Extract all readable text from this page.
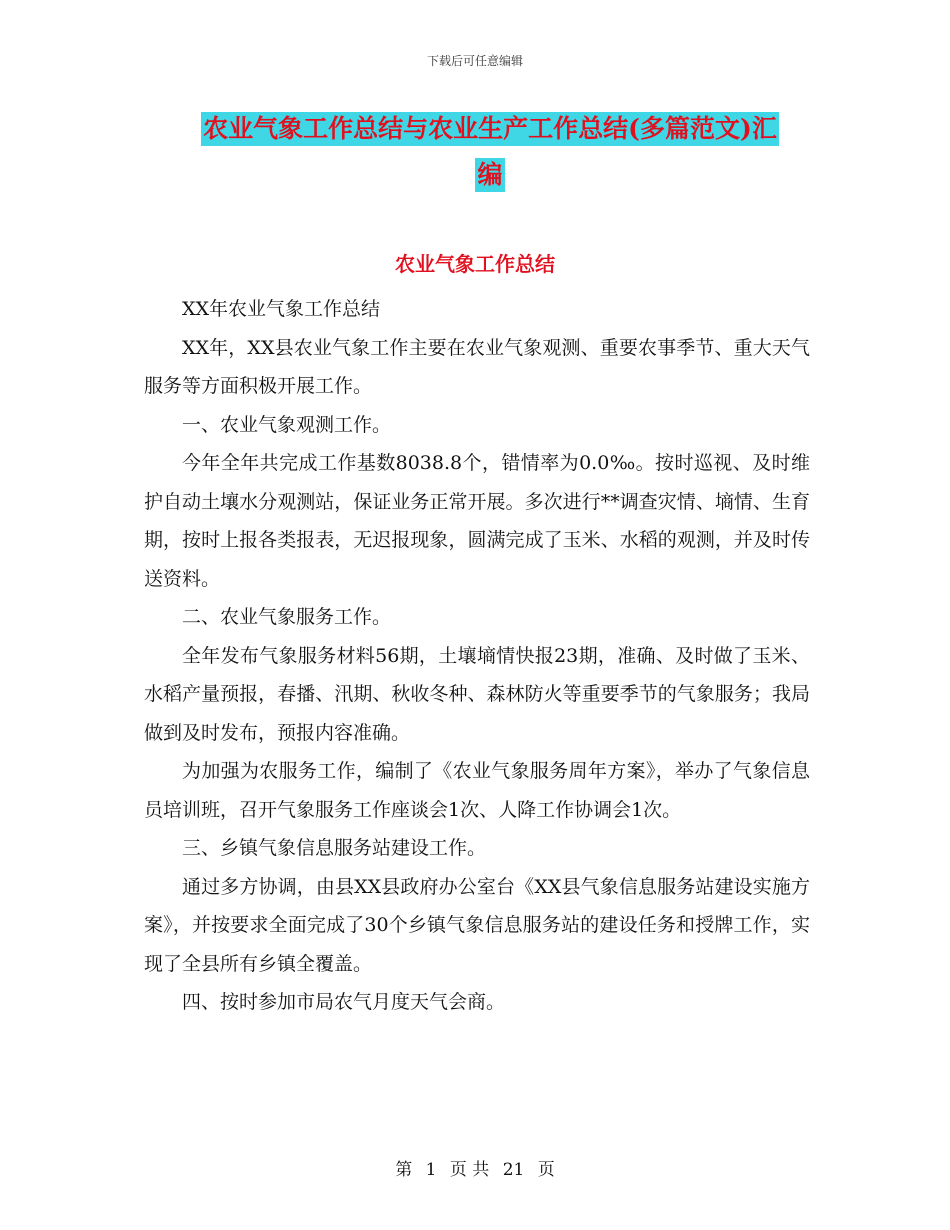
下载后可任意编辑
农业气象工作总结与农业生产工作总结(多篇范文)汇
编
农业气象工作总结

XX年农业气象工作总结

XX年，XX县农业气象工作主要在农业气象观测、重要农事季节、重大天气服务等方面积极开展工作。

一、农业气象观测工作。

今年全年共完成工作基数8038.8个，错情率为0.0‰。按时巡视、及时维护自动土壤水分观测站，保证业务正常开展。多次进行**调查灾情、墒情、生育期，按时上报各类报表，无迟报现象，圆满完成了玉米、水稻的观测，并及时传送资料。

二、农业气象服务工作。

全年发布气象服务材料56期，土壤墒情快报23期，准确、及时做了玉米、水稻产量预报，春播、汛期、秋收冬种、森林防火等重要季节的气象服务；我局做到及时发布，预报内容准确。

为加强为农服务工作，编制了《农业气象服务周年方案》，举办了气象信息员培训班，召开气象服务工作座谈会1次、人降工作协调会1次。

三、乡镇气象信息服务站建设工作。

通过多方协调，由县XX县政府办公室台《XX县气象信息服务站建设实施方案》，并按要求全面完成了30个乡镇气象信息服务站的建设任务和授牌工作，实现了全县所有乡镇全覆盖。

四、按时参加市局农气月度天气会商。

第 1 页 共 21 页
